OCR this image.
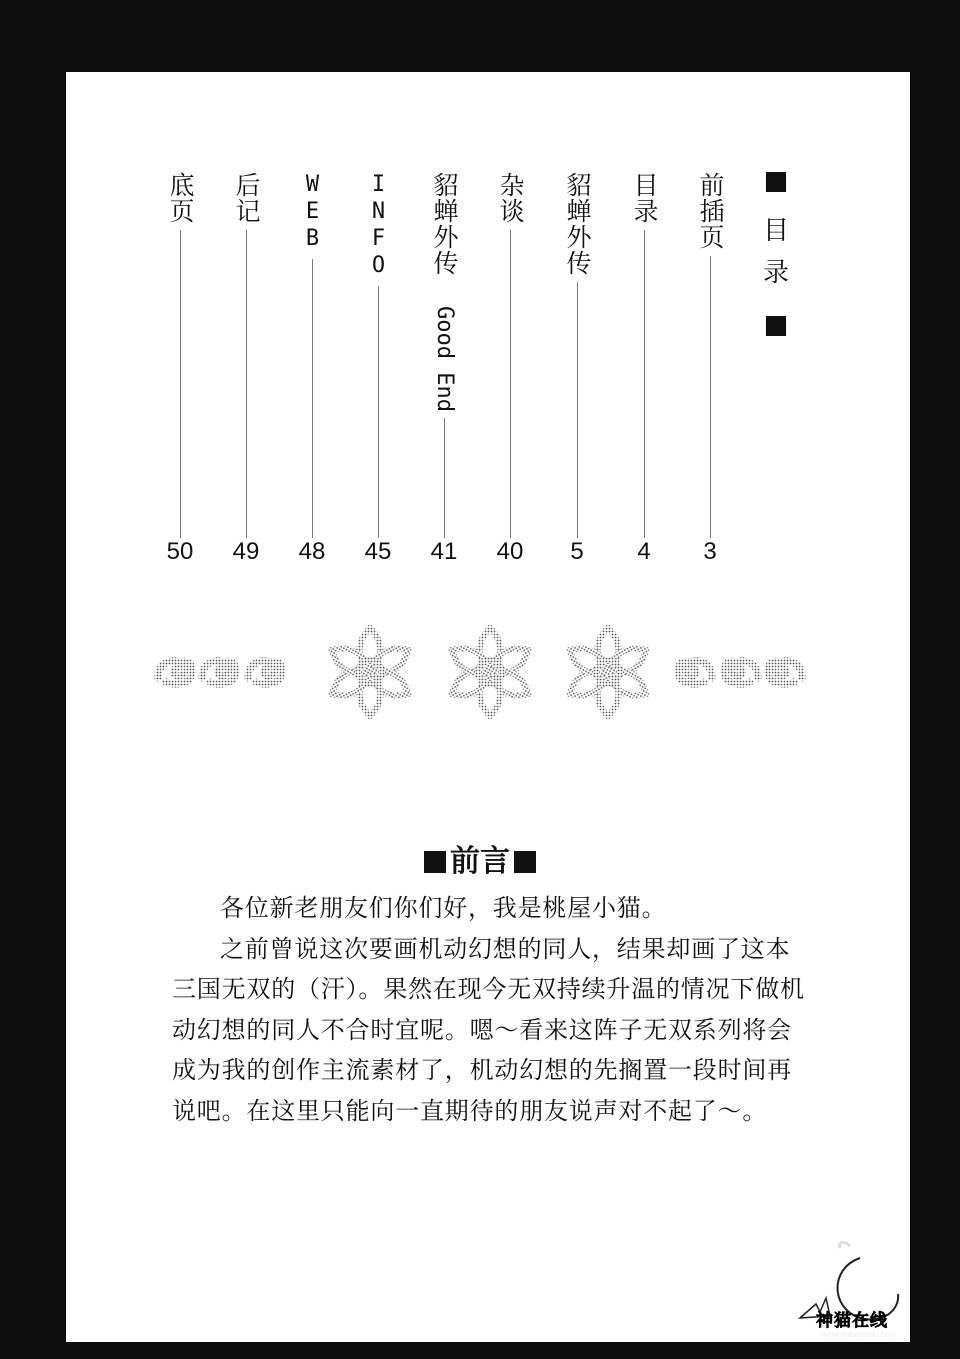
目
录
前插页
3
目录
4
貂蝉外传
5
杂谈
40
貂蝉外传 Good End
41
INFO
45
WEB
48
后记
49
底页
50
前言

各位新老朋友们你们好，我是桃屋小猫。

之前曾说这次要画机动幻想的同人，结果却画了这本三国无双的（汗）。果然在现今无双持续升温的情况下做机动幻想的同人不合时宜呢。嗯～看来这阵子无双系列将会成为我的创作主流素材了，机动幻想的先搁置一段时间再说吧。在这里只能向一直期待的朋友说声对不起了～。

神猫在线
www.masterzou.com
